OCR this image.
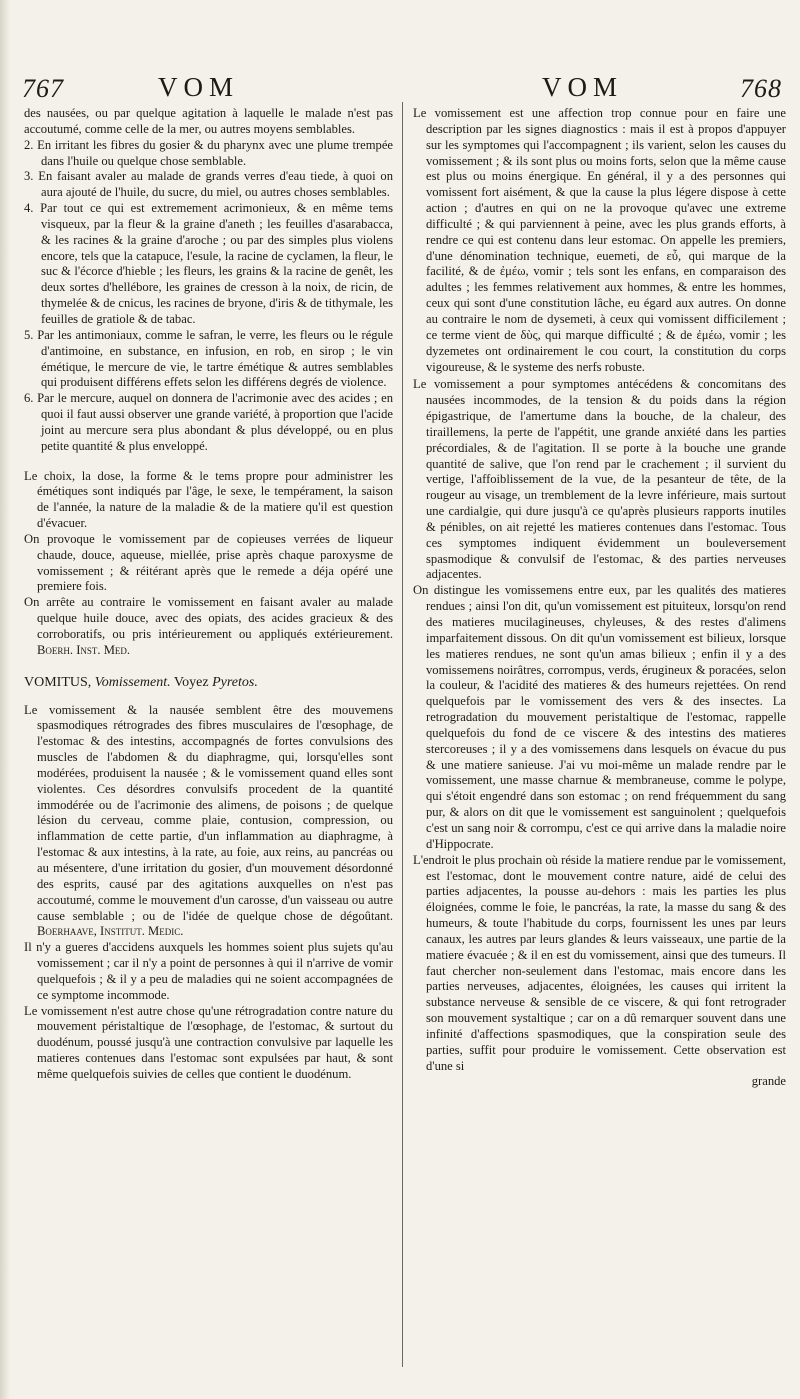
767	VOM	VOM	768

des nausées, ou par quelque agitation à laquelle le malade n'est pas accoutumé, comme celle de la mer, ou autres moyens semblables.

2. En irritant les fibres du gosier & du pharynx avec une plume trempée dans l'huile ou quelque chose semblable.

3. En faisant avaler au malade de grands verres d'eau tiede, à quoi on aura ajouté de l'huile, du sucre, du miel, ou autres choses semblables.

4. Par tout ce qui est extremement acrimonieux, & en même tems visqueux, par la fleur & la graine d'aneth ; les feuilles d'asarabacca, & les racines & la graine d'aroche ; ou par des simples plus violens encore, tels que la catapuce, l'esule, la racine de cyclamen, la fleur, le suc & l'écorce d'hieble ; les fleurs, les grains & la racine de genêt, les deux sortes d'hellébore, les graines de cresson à la noix, de ricin, de thymelée & de cnicus, les racines de bryone, d'iris & de tithymale, les feuilles de gratiole & de tabac.

5. Par les antimoniaux, comme le safran, le verre, les fleurs ou le régule d'antimoine, en substance, en infusion, en rob, en sirop ; le vin émétique, le mercure de vie, le tartre émétique & autres semblables qui produisent différens effets selon les différens degrés de violence.

6. Par le mercure, auquel on donnera de l'acrimonie avec des acides ; en quoi il faut aussi observer une grande variété, à proportion que l'acide joint au mercure sera plus abondant & plus développé, ou en plus petite quantité & plus enveloppé.

Le choix, la dose, la forme & le tems propre pour administrer les émétiques sont indiqués par l'âge, le sexe, le tempérament, la saison de l'année, la nature de la maladie & de la matiere qu'il est question d'évacuer.

On provoque le vomissement par de copieuses verrées de liqueur chaude, douce, aqueuse, miellée, prise après chaque paroxysme de vomissement ; & réitérant après que le remede a déja opéré une premiere fois.

On arrête au contraire le vomissement en faisant avaler au malade quelque huile douce, avec des opiats, des acides gracieux & des corroboratifs, ou pris intérieurement ou appliqués extérieurement. Boerh. Inst. Med.

VOMITUS, Vomissement. Voyez Pyretos.

Le vomissement & la nausée semblent être des mouvemens spasmodiques rétrogrades des fibres musculaires de l'œsophage, de l'estomac & des intestins, accompagnés de fortes convulsions des muscles de l'abdomen & du diaphragme, qui, lorsqu'elles sont modérées, produisent la nausée ; & le vomissement quand elles sont violentes. Ces désordres convulsifs procedent de la quantité immodérée ou de l'acrimonie des alimens, de poisons ; de quelque lésion du cerveau, comme plaie, contusion, compression, ou inflammation de cette partie, d'un inflammation au diaphragme, à l'estomac & aux intestins, à la rate, au foie, aux reins, au pancréas ou au mésentere, d'une irritation du gosier, d'un mouvement désordonné des esprits, causé par des agitations auxquelles on n'est pas accoutumé, comme le mouvement d'un carosse, d'un vaisseau ou autre cause semblable ; ou de l'idée de quelque chose de dégoûtant. Boerhaave, Institut. Medic.

Il n'y a gueres d'accidens auxquels les hommes soient plus sujets qu'au vomissement ; car il n'y a point de personnes à qui il n'arrive de vomir quelquefois ; & il y a peu de maladies qui ne soient accompagnées de ce symptome incommode.

Le vomissement n'est autre chose qu'une rétrogradation contre nature du mouvement péristaltique de l'œsophage, de l'estomac, & surtout du duodénum, poussé jusqu'à une contraction convulsive par laquelle les matieres contenues dans l'estomac sont expulsées par haut, & sont même quelquefois suivies de celles que contient le duodénum.

Le vomissement est une affection trop connue pour en faire une description par les signes diagnostics : mais il est à propos d'appuyer sur les symptomes qui l'accompagnent ; ils varient, selon les causes du vomissement ; & ils sont plus ou moins forts, selon que la même cause est plus ou moins énergique. En général, il y a des personnes qui vomissent fort aisément, & que la cause la plus légere dispose à cette action ; d'autres en qui on ne la provoque qu'avec une extreme difficulté ; & qui parviennent à peine, avec les plus grands efforts, à rendre ce qui est contenu dans leur estomac. On appelle les premiers, d'une dénomination technique, euemeti, de εὖ, qui marque de la facilité, & de ἐμέω, vomir ; tels sont les enfans, en comparaison des adultes ; les femmes relativement aux hommes, & entre les hommes, ceux qui sont d'une constitution lâche, eu égard aux autres. On donne au contraire le nom de dysemeti, à ceux qui vomissent difficilement ; ce terme vient de δὺς, qui marque difficulté ; & de ἐμέω, vomir ; les dyzemetes ont ordinairement le cou court, la constitution du corps vigoureuse, & le systeme des nerfs robuste.

Le vomissement a pour symptomes antécédens & concomitans des nausées incommodes, de la tension & du poids dans la région épigastrique, de l'amertume dans la bouche, de la chaleur, des tiraillemens, la perte de l'appétit, une grande anxiété dans les parties précordiales, & de l'agitation. Il se porte à la bouche une grande quantité de salive, que l'on rend par le crachement ; il survient du vertige, l'affoiblissement de la vue, de la pesanteur de tête, de la rougeur au visage, un tremblement de la levre inférieure, mais surtout une cardialgie, qui dure jusqu'à ce qu'après plusieurs rapports inutiles & pénibles, on ait rejetté les matieres contenues dans l'estomac. Tous ces symptomes indiquent évidemment un bouleversement spasmodique & convulsif de l'estomac, & des parties nerveuses adjacentes.

On distingue les vomissemens entre eux, par les qualités des matieres rendues ; ainsi l'on dit, qu'un vomissement est pituiteux, lorsqu'on rend des matieres mucilagineuses, chyleuses, & des restes d'alimens imparfaitement dissous. On dit qu'un vomissement est bilieux, lorsque les matieres rendues, ne sont qu'un amas bilieux ; enfin il y a des vomissemens noirâtres, corrompus, verds, érugineux & poracées, selon la couleur, & l'acidité des matieres & des humeurs rejettées. On rend quelquefois par le vomissement des vers & des insectes. La retrogradation du mouvement peristaltique de l'estomac, rappelle quelquefois du fond de ce viscere & des intestins des matieres stercoreuses ; il y a des vomissemens dans lesquels on évacue du pus & une matiere sanieuse. J'ai vu moi-même un malade rendre par le vomissement, une masse charnue & membraneuse, comme le polype, qui s'étoit engendré dans son estomac ; on rend fréquemment du sang pur, & alors on dit que le vomissement est sanguinolent ; quelquefois c'est un sang noir & corrompu, c'est ce qui arrive dans la maladie noire d'Hippocrate.

L'endroit le plus prochain où réside la matiere rendue par le vomissement, est l'estomac, dont le mouvement contre nature, aidé de celui des parties adjacentes, la pousse au-dehors : mais les parties les plus éloignées, comme le foie, le pancréas, la rate, la masse du sang & des humeurs, & toute l'habitude du corps, fournissent les unes par leurs canaux, les autres par leurs glandes & leurs vaisseaux, une partie de la matiere évacuée ; & il en est du vomissement, ainsi que des tumeurs. Il faut chercher non-seulement dans l'estomac, mais encore dans les parties nerveuses, adjacentes, éloignées, les causes qui irritent la substance nerveuse & sensible de ce viscere, & qui font retrograder son mouvement systaltique ; car on a dû remarquer souvent dans une infinité d'affections spasmodiques, que la conspiration seule des parties, suffit pour produire le vomissement. Cette observation est d'une si

grande
